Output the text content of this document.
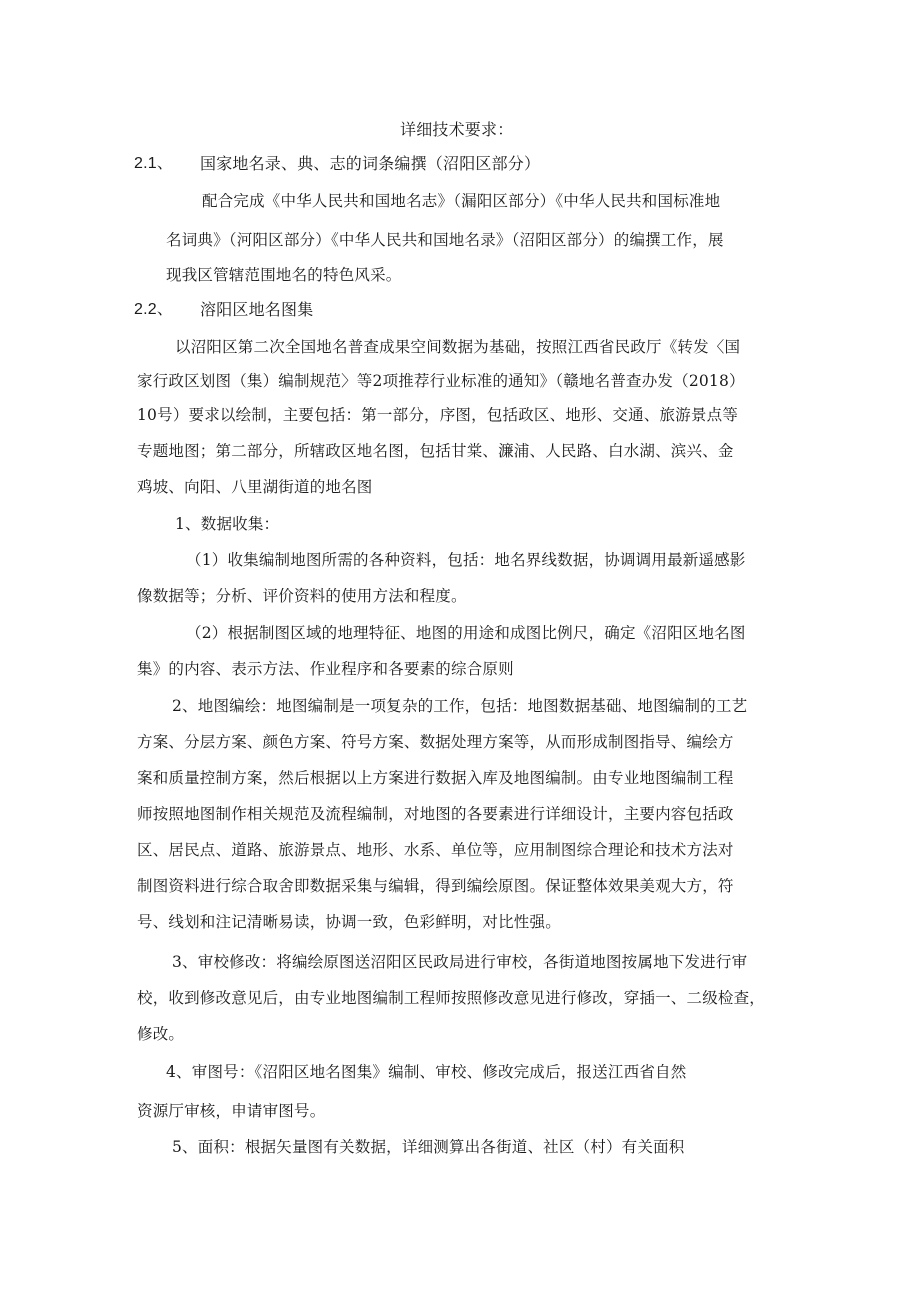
详细技术要求：
2.1、 国家地名录、典、志的词条编撰（沼阳区部分）
配合完成《中华人民共和国地名志》（漏阳区部分）《中华人民共和国标准地
名词典》（河阳区部分）《中华人民共和国地名录》（沼阳区部分）的编撰工作，展
现我区管辖范围地名的特色风采。
2.2、 溶阳区地名图集
以沼阳区第二次全国地名普查成果空间数据为基础，按照江西省民政厅《转发〈国
家行政区划图（集）编制规范〉等2项推荐行业标准的通知》（赣地名普查办发（2018）
10号）要求以绘制，主要包括：第一部分，序图，包括政区、地形、交通、旅游景点等
专题地图；第二部分，所辖政区地名图，包括甘棠、濂浦、人民路、白水湖、滨兴、金
鸡坡、向阳、八里湖街道的地名图
1、数据收集：
（1）收集编制地图所需的各种资料，包括：地名界线数据，协调调用最新遥感影
像数据等；分析、评价资料的使用方法和程度。
（2）根据制图区域的地理特征、地图的用途和成图比例尺，确定《沼阳区地名图
集》的内容、表示方法、作业程序和各要素的综合原则
2、地图编绘：地图编制是一项复杂的工作，包括：地图数据基础、地图编制的工艺
方案、分层方案、颜色方案、符号方案、数据处理方案等，从而形成制图指导、编绘方
案和质量控制方案，然后根据以上方案进行数据入库及地图编制。由专业地图编制工程
师按照地图制作相关规范及流程编制，对地图的各要素进行详细设计，主要内容包括政
区、居民点、道路、旅游景点、地形、水系、单位等，应用制图综合理论和技术方法对
制图资料进行综合取舍即数据采集与编辑，得到编绘原图。保证整体效果美观大方，符
号、线划和注记清晰易读，协调一致，色彩鲜明，对比性强。
3、审校修改：将编绘原图送沼阳区民政局进行审校，各街道地图按属地下发进行审
校，收到修改意见后，由专业地图编制工程师按照修改意见进行修改，穿插一、二级检查，
修改。
4、审图号：《沼阳区地名图集》编制、审校、修改完成后，报送江西省自然
资源厅审核，申请审图号。
5、面积：根据矢量图有关数据，详细测算出各街道、社区（村）有关面积
